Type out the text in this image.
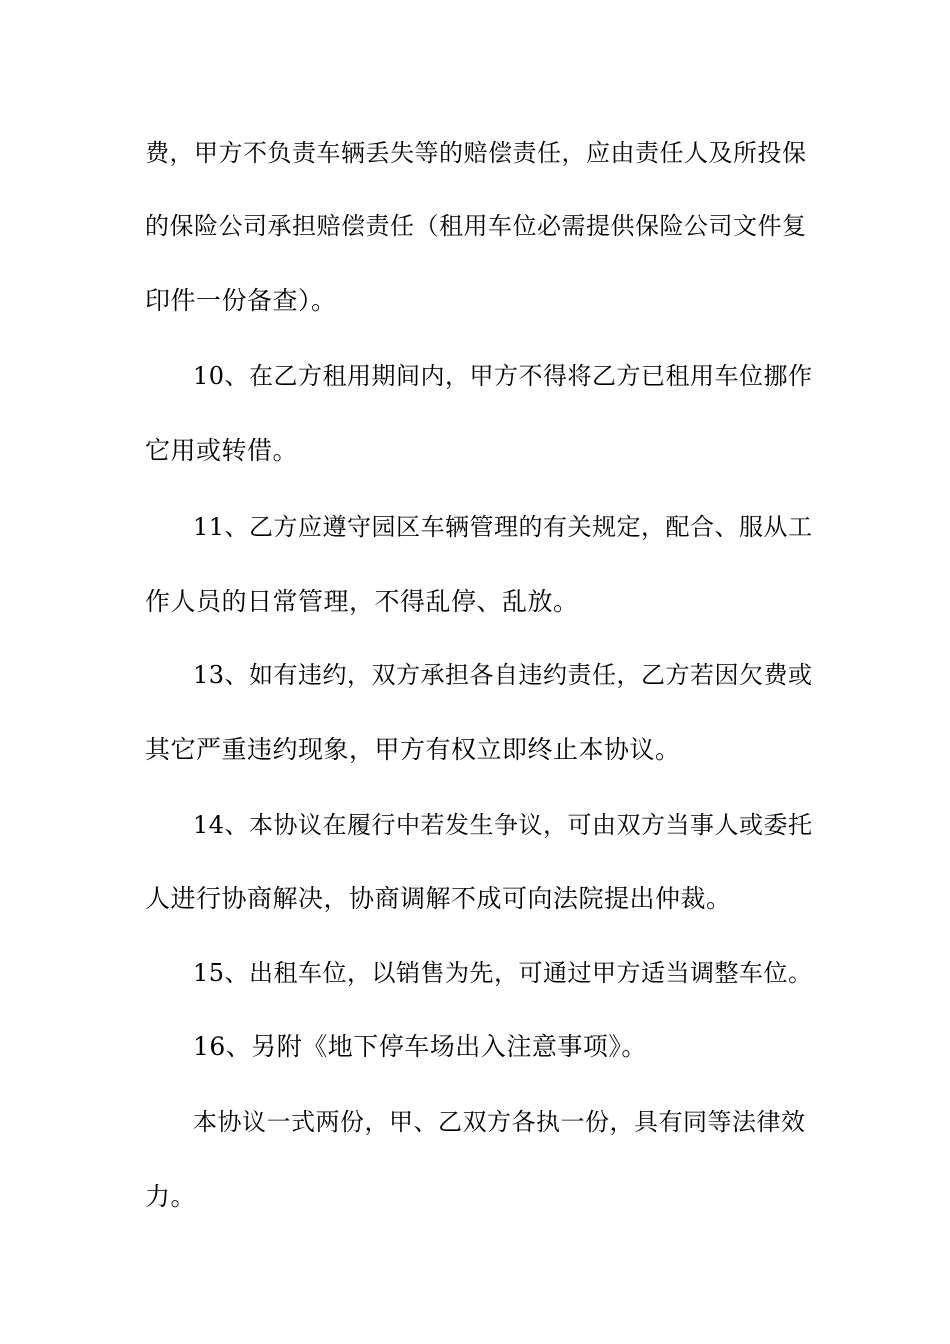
费，甲方不负责车辆丢失等的赔偿责任，应由责任人及所投保
的保险公司承担赔偿责任（租用车位必需提供保险公司文件复
印件一份备查）。
10、在乙方租用期间内，甲方不得将乙方已租用车位挪作
它用或转借。
11、乙方应遵守园区车辆管理的有关规定，配合、服从工
作人员的日常管理，不得乱停、乱放。
13、如有违约，双方承担各自违约责任，乙方若因欠费或
其它严重违约现象，甲方有权立即终止本协议。
14、本协议在履行中若发生争议，可由双方当事人或委托
人进行协商解决，协商调解不成可向法院提出仲裁。
15、出租车位，以销售为先，可通过甲方适当调整车位。
16、另附《地下停车场出入注意事项》。
本协议一式两份，甲、乙双方各执一份，具有同等法律效
力。
